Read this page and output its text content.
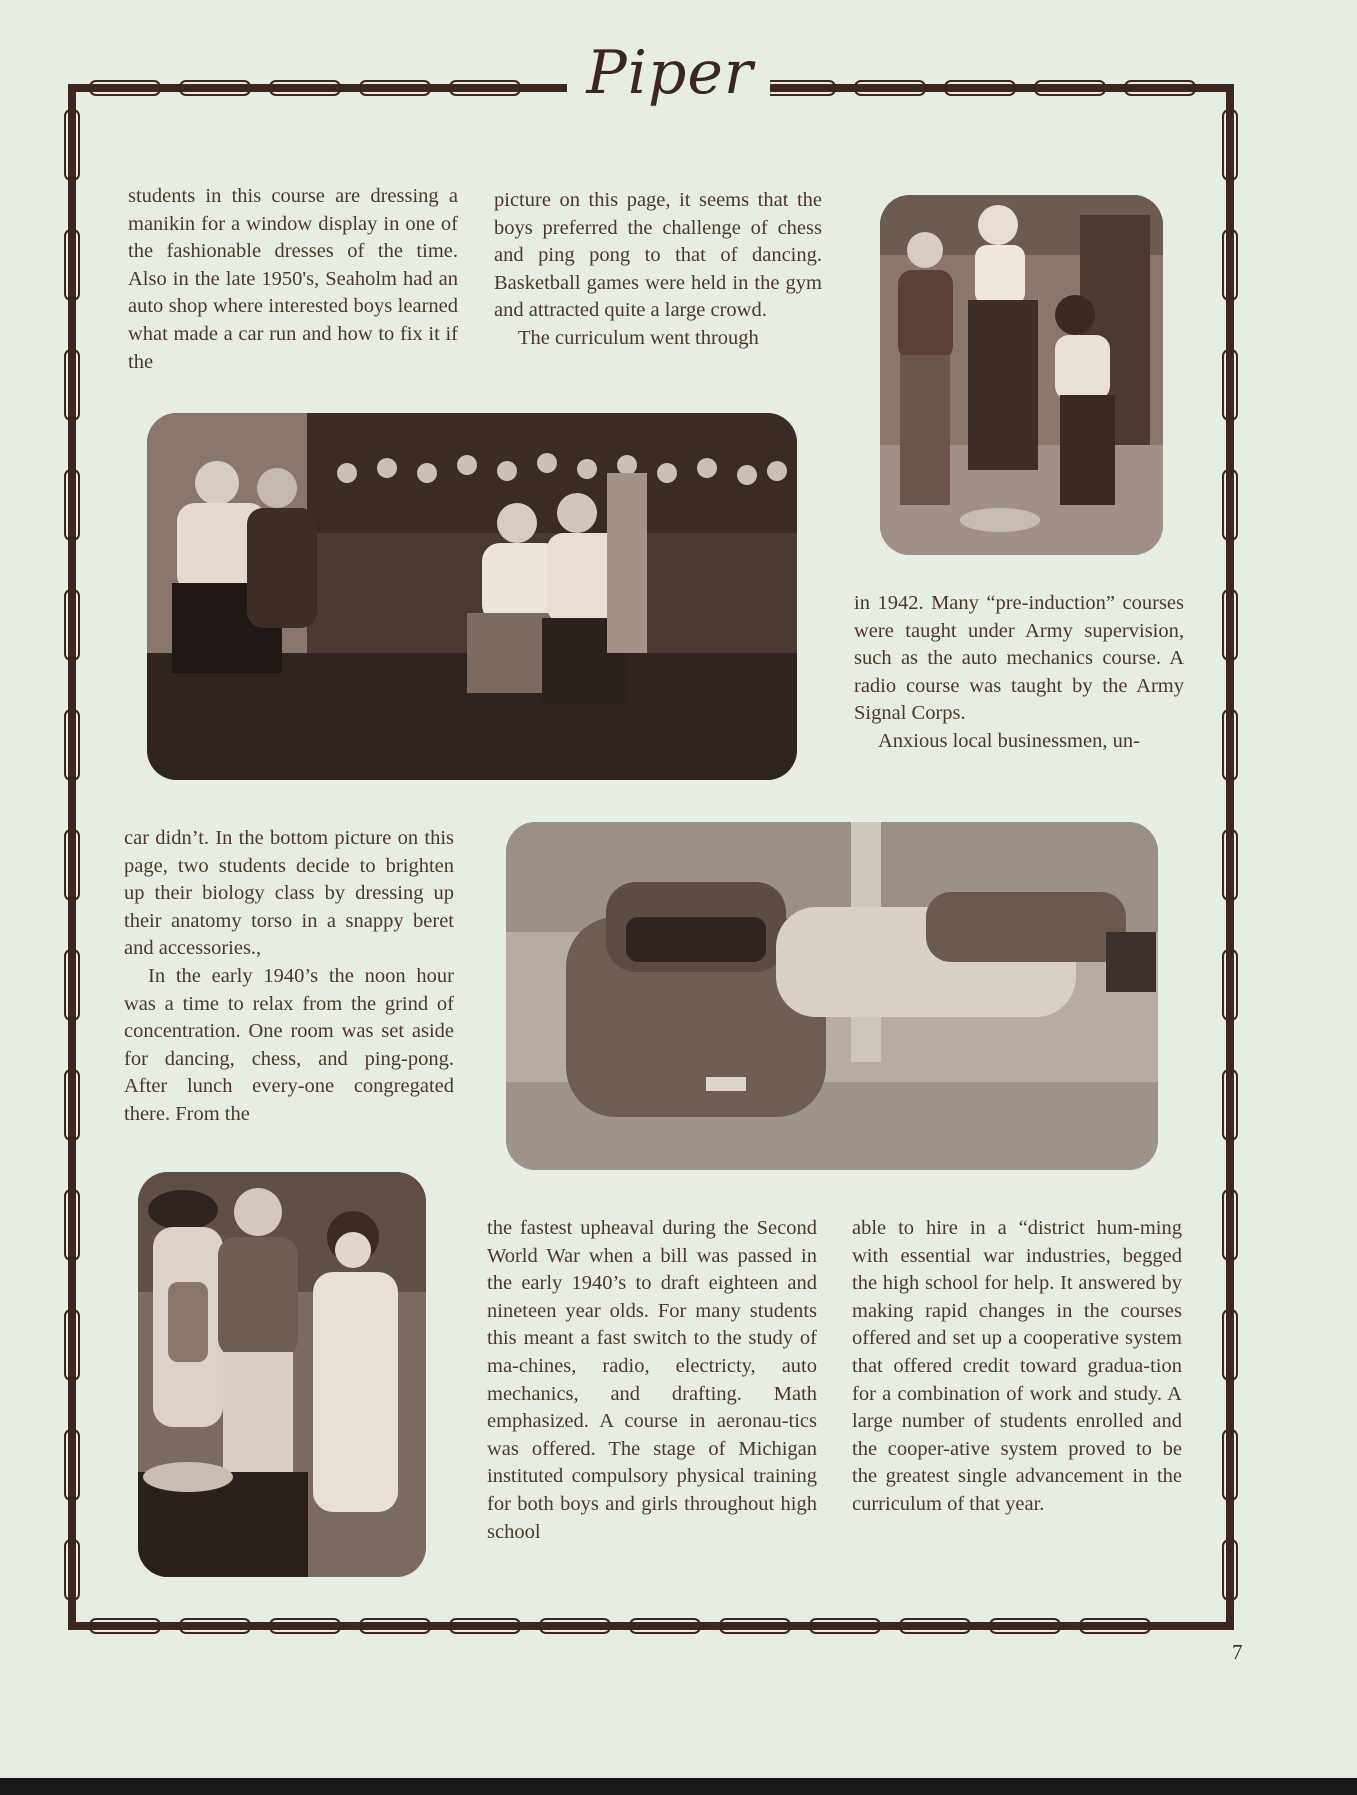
Piper

students in this course are dressing a manikin for a window display in one of the fashionable dresses of the time. Also in the late 1950's, Seaholm had an auto shop where interested boys learned what made a car run and how to fix it if the

picture on this page, it seems that the boys preferred the challenge of chess and ping pong to that of dancing. Basketball games were held in the gym and attracted quite a large crowd.

The curriculum went through

in 1942. Many “pre-induction” courses were taught under Army supervision, such as the auto mechanics course. A radio course was taught by the Army Signal Corps.

Anxious local businessmen, un-

car didn’t. In the bottom picture on this page, two students decide to brighten up their biology class by dressing up their anatomy torso in a snappy beret and accessories.,

In the early 1940’s the noon hour was a time to relax from the grind of concentration. One room was set aside for dancing, chess, and ping-pong. After lunch every-one congregated there. From the

the fastest upheaval during the Second World War when a bill was passed in the early 1940’s to draft eighteen and nineteen year olds. For many students this meant a fast switch to the study of ma-chines, radio, electricty, auto mechanics, and drafting. Math emphasized. A course in aeronau-tics was offered. The stage of Michigan instituted compulsory physical training for both boys and girls throughout high school

able to hire in a “district hum-ming with essential war industries, begged the high school for help. It answered by making rapid changes in the courses offered and set up a cooperative system that offered credit toward gradua-tion for a combination of work and study. A large number of students enrolled and the cooper-ative system proved to be the greatest single advancement in the curriculum of that year.

7
